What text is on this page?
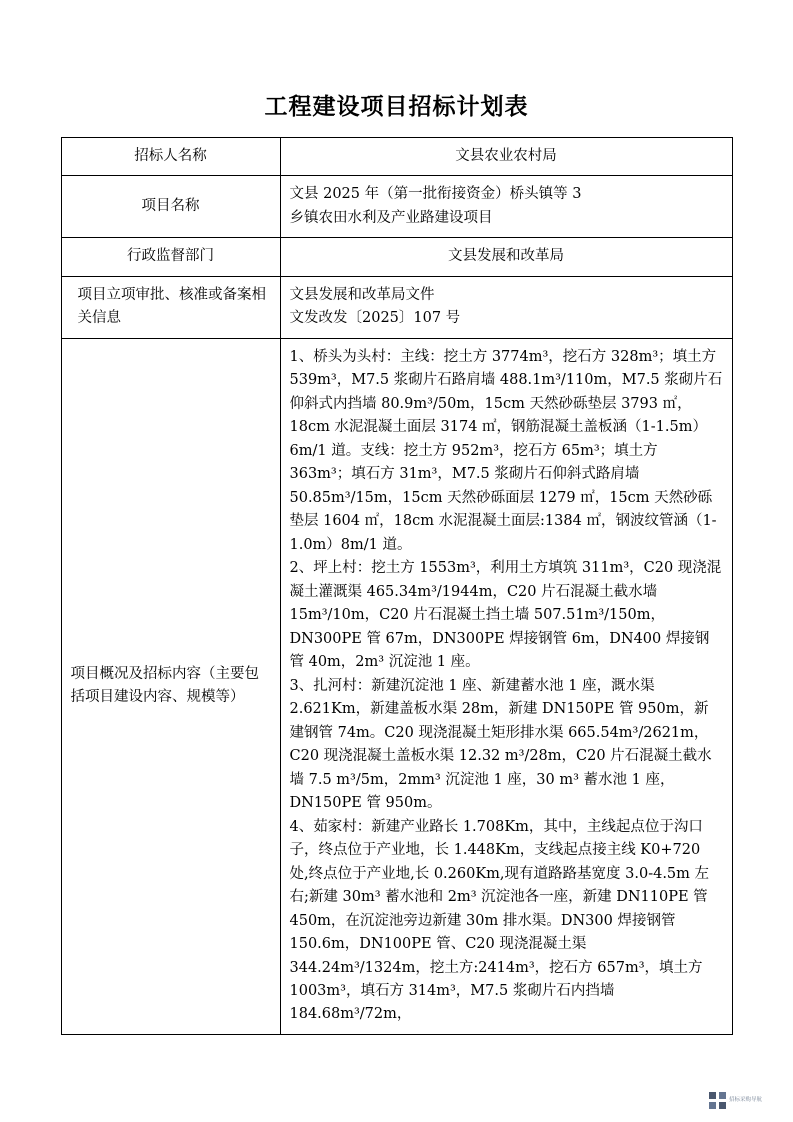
工程建设项目招标计划表
招标人名称	文县农业农村局
项目名称	文县 2025 年（第一批衔接资金）桥头镇等 3
乡镇农田水利及产业路建设项目

行政监督部门	文县发展和改革局
项目立项审批、核准或备案相关信息	文县发展和改革局文件
文发改发〔2025〕107 号

项目概况及招标内容（主要包括项目建设内容、规模等）	1、桥头为头村：主线：挖土方 3774m³，挖石方 328m³；填土方 539m³，M7.5 浆砌片石路肩墙 488.1m³/110m，M7.5 浆砌片石仰斜式内挡墙 80.9m³/50m，15cm 天然砂砾垫层 3793 ㎡，18cm 水泥混凝土面层 3174 ㎡，钢筋混凝土盖板涵（1-1.5m）6m/1 道。支线：挖土方 952m³，挖石方 65m³；填土方 363m³；填石方 31m³，M7.5 浆砌片石仰斜式路肩墙 50.85m³/15m，15cm 天然砂砾面层 1279 ㎡，15cm 天然砂砾垫层 1604 ㎡，18cm 水泥混凝土面层:1384 ㎡，钢波纹管涵（1-1.0m）8m/1 道。

2、坪上村：挖土方 1553m³，利用土方填筑 311m³，C20 现浇混凝土灌溉渠 465.34m³/1944m，C20 片石混凝土截水墙 15m³/10m，C20 片石混凝土挡土墙 507.51m³/150m，DN300PE 管 67m，DN300PE 焊接钢管 6m，DN400 焊接钢管 40m，2m³ 沉淀池 1 座。

3、扎河村：新建沉淀池 1 座、新建蓄水池 1 座，溉水渠 2.621Km，新建盖板水渠 28m，新建 DN150PE 管 950m，新建钢管 74m。C20 现浇混凝土矩形排水渠 665.54m³/2621m，C20 现浇混凝土盖板水渠 12.32 m³/28m，C20 片石混凝土截水墙 7.5 m³/5m，2mm³ 沉淀池 1 座，30 m³ 蓄水池 1 座，DN150PE 管 950m。

4、茹家村：新建产业路长 1.708Km，其中，主线起点位于沟口子，终点位于产业地，长 1.448Km，支线起点接主线 K0+720 处,终点位于产业地,长 0.260Km,现有道路路基宽度 3.0-4.5m 左右;新建 30m³ 蓄水池和 2m³ 沉淀池各一座，新建 DN110PE 管 450m，在沉淀池旁边新建 30m 排水渠。DN300 焊接钢管 150.6m，DN100PE 管、C20 现浇混凝土渠 344.24m³/1324m，挖土方:2414m³，挖石方 657m³，填土方 1003m³，填石方 314m³，M7.5 浆砌片石内挡墙 184.68m³/72m，

招标采购导航
